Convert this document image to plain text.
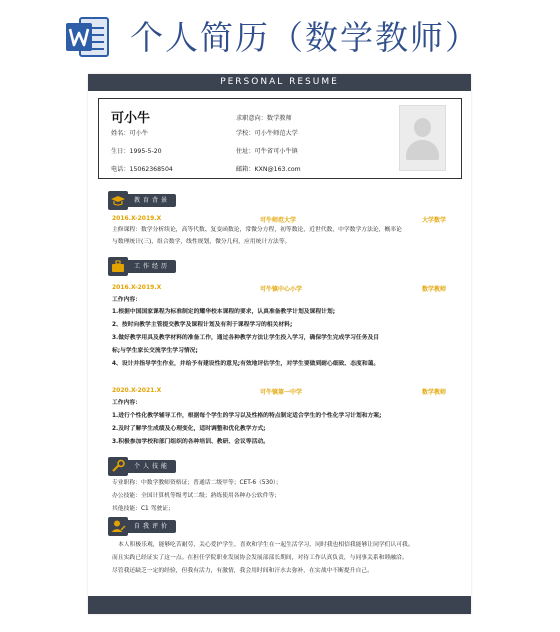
个人简历（数学教师）
PERSONAL RESUME
可小牛
姓名：可小牛
生日：1995-5-20
电话：15062368504
求职意向：数学教师
学校：可小牛师范大学
住址：可牛省可小牛镇
邮箱：KXN@163.com
教育背景
2016.X-2019.X	可牛师范大学	大学数学
主修课程：数学分析续论，高等代数、复变函数论，常微分方程，初等数论，近世代数，中学数学方法论，概率论
与数理统计(三)，组合数学，线性规划，微分几何，应用统计方法等。
工作经历
2016.X-2019.X	可牛镇中心小学	数学教师
工作内容：
1.根据中国国家课程为标准制定的耀华校本课程的要求，认真准备教学计划及课程计划;
2、按时向教学主管提交教学及课程计划及有利于课程学习的相关材料;
3.做好教学用具及教学材料的准备工作，通过各种教学方法让学生投入学习，确保学生完成学习任务及目
标;与学生家长交流学生学习情况;
4、设计并指导学生作业，并给予有建设性的意见;有效地评估学生，对学生要做到耐心细致、态度和蔼。
2020.X-2021.X	可牛镇第一中学	数学教师
工作内容：
1.进行个性化教学辅导工作，根据每个学生的学习以及性格的特点制定适合学生的个性化学习计划和方案;
2.及时了解学生成绩及心理变化，适时调整和优化教学方式;
3.积极参加学校和部门组织的各种培训、教研、会议等活动。
个人技能
专业职称：中数学教师资格证；普通话二级甲等；CET-6（530）；
办公技能：全国计算机等级考试二级；熟练使用各种办公软件等；
其他技能：C1 驾驶证；
自我评价
本人积极乐观，能够吃苦耐劳，关心爱护学生，喜欢和学生在一起生活学习，同时我也相信我能够让同学们认可我。
而且实践已经证实了这一点。在担任学院职业发展协会发展部部长期间，对待工作认真负责，与同事关系和睦融洽。
尽管我还缺乏一定的经验，但我有活力，有激情，我会用时间和汗水去弥补，在实战中不断提升自己。
